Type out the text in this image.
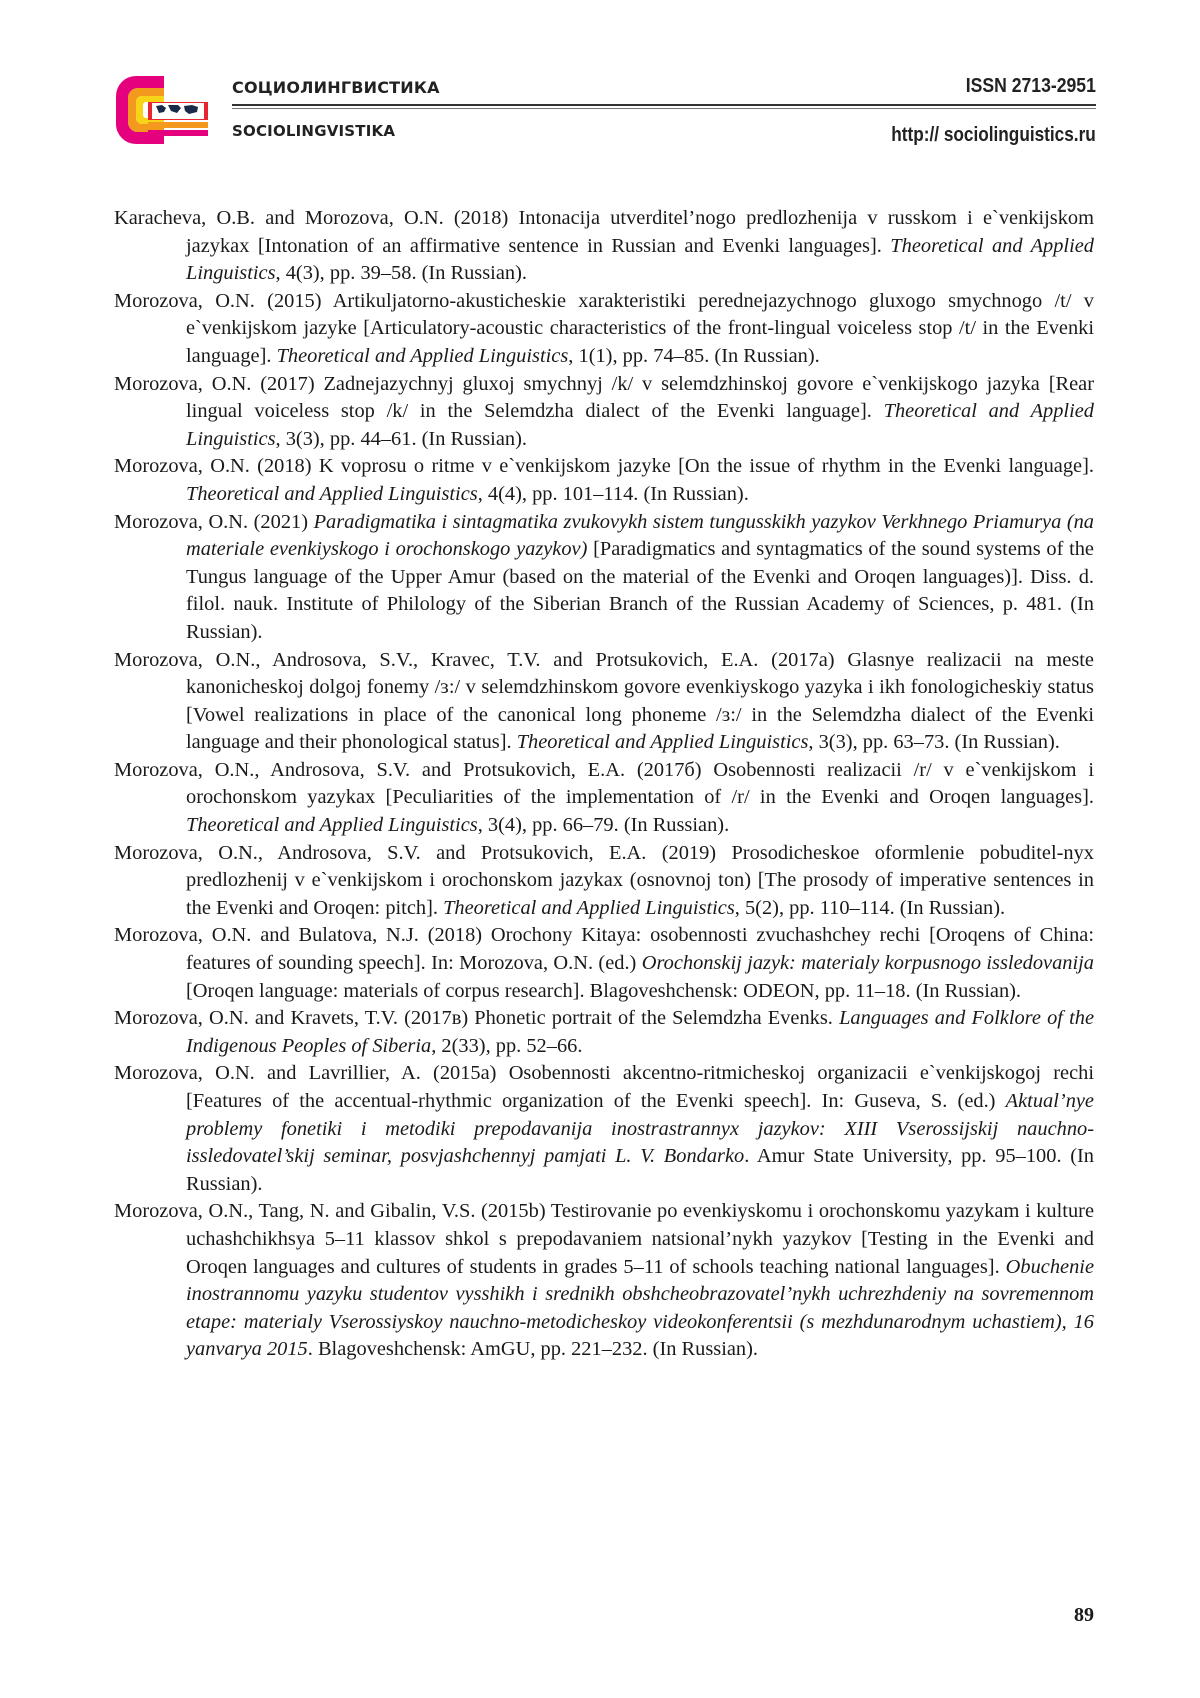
СОЦИОЛИНГВИСТИКА
SOCIOLINGVISTIKA
ISSN 2713-2951
http:// sociolinguistics.ru
Karacheva, O.B. and Morozova, O.N. (2018) Intonacija utverditel’nogo predlozhenija v russkom i e`venkijskom jazykax [Intonation of an affirmative sentence in Russian and Evenki languages]. Theoretical and Applied Linguistics, 4(3), pp. 39–58. (In Russian).
Morozova, O.N. (2015) Artikuljatorno-akusticheskie xarakteristiki perednejazychnogo gluxogo smychnogo /t/ v e`venkijskom jazyke [Articulatory-acoustic characteristics of the front-lingual voiceless stop /t/ in the Evenki language]. Theoretical and Applied Linguistics, 1(1), pp. 74–85. (In Russian).
Morozova, O.N. (2017) Zadnejazychnyj gluxoj smychnyj /k/ v selemdzhinskoj govore e`venkijskogo jazyka [Rear lingual voiceless stop /k/ in the Selemdzha dialect of the Evenki language]. Theoretical and Applied Linguistics, 3(3), pp. 44–61. (In Russian).
Morozova, O.N. (2018) K voprosu o ritme v e`venkijskom jazyke [On the issue of rhythm in the Evenki language]. Theoretical and Applied Linguistics, 4(4), pp. 101–114. (In Russian).
Morozova, O.N. (2021) Paradigmatika i sintagmatika zvukovykh sistem tungusskikh yazykov Verkhnego Priamurya (na materiale evenkiyskogo i orochonskogo yazykov) [Paradigmatics and syntagmatics of the sound systems of the Tungus language of the Upper Amur (based on the material of the Evenki and Oroqen languages)]. Diss. d. filol. nauk. Institute of Philology of the Siberian Branch of the Russian Academy of Sciences, p. 481. (In Russian).
Morozova, O.N., Androsova, S.V., Kravec, T.V. and Protsukovich, E.A. (2017a) Glasnye realizacii na meste kanonicheskoj dolgoj fonemy /ɜ:/ v selemdzhinskom govore evenkiyskogo yazyka i ikh fonologicheskiy status [Vowel realizations in place of the canonical long phoneme /ɜ:/ in the Selemdzha dialect of the Evenki language and their phonological status]. Theoretical and Applied Linguistics, 3(3), pp. 63–73. (In Russian).
Morozova, O.N., Androsova, S.V. and Protsukovich, E.A. (2017б) Osobennosti realizacii /r/ v e`venkijskom i orochonskom yazykax [Peculiarities of the implementation of /r/ in the Evenki and Oroqen languages]. Theoretical and Applied Linguistics, 3(4), pp. 66–79. (In Russian).
Morozova, O.N., Androsova, S.V. and Protsukovich, E.A. (2019) Prosodicheskoe oformlenie pobuditel-nyx predlozhenij v e`venkijskom i orochonskom jazykax (osnovnoj ton) [The prosody of imperative sentences in the Evenki and Oroqen: pitch]. Theoretical and Applied Linguistics, 5(2), pp. 110–114. (In Russian).
Morozova, O.N. and Bulatova, N.J. (2018) Orochony Kitaya: osobennosti zvuchashchey rechi [Oroqens of China: features of sounding speech]. In: Morozova, O.N. (ed.) Orochonskij jazyk: materialy korpusnogo issledovanija [Oroqen language: materials of corpus research]. Blagoveshchensk: ODEON, pp. 11–18. (In Russian).
Morozova, O.N. and Kravets, T.V. (2017в) Phonetic portrait of the Selemdzha Evenks. Languages and Folklore of the Indigenous Peoples of Siberia, 2(33), pp. 52–66.
Morozova, O.N. and Lavrillier, A. (2015a) Osobennosti akcentno-ritmicheskoj organizacii e`venkijskogoj rechi [Features of the accentual-rhythmic organization of the Evenki speech]. In: Guseva, S. (ed.) Aktual’nye problemy fonetiki i metodiki prepodavanija inostrastrannyx jazykov: XIII Vserossijskij nauchno-issledovatel’skij seminar, posvjashchennyj pamjati L. V. Bondarko. Amur State University, pp. 95–100. (In Russian).
Morozova, O.N., Tang, N. and Gibalin, V.S. (2015b) Testirovanie po evenkiyskomu i orochonskomu yazykam i kulture uchashchikhsya 5–11 klassov shkol s prepodavaniem natsional’nykh yazykov [Testing in the Evenki and Oroqen languages and cultures of students in grades 5–11 of schools teaching national languages]. Obuchenie inostrannomu yazyku studentov vysshikh i srednikh obshcheobrazovatel’nykh uchrezhdeniy na sovremennom etape: materialy Vserossiyskoy nauchno-metodicheskoy videokonferentsii (s mezhdunarodnym uchastiem), 16 yanvarya 2015. Blagoveshchensk: AmGU, pp. 221–232. (In Russian).
89
